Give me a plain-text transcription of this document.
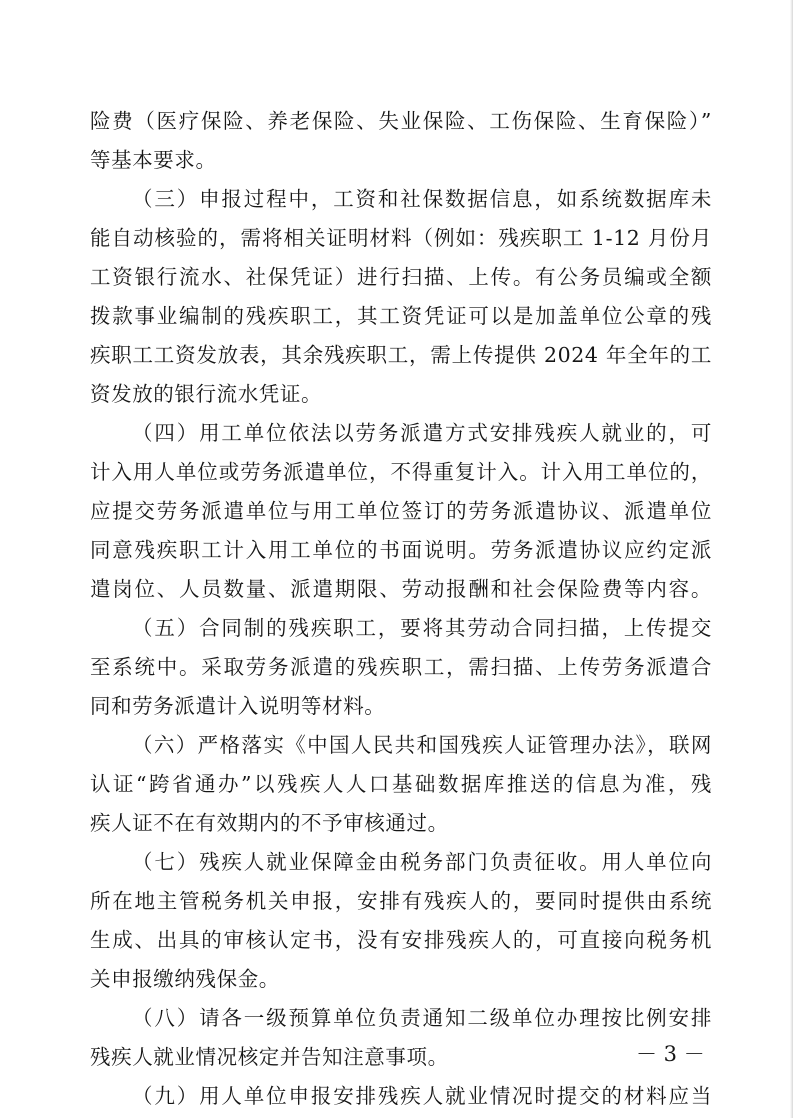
险费（医疗保险、养老保险、失业保险、工伤保险、生育保险）”
等基本要求。
（三）申报过程中，工资和社保数据信息，如系统数据库未
能自动核验的，需将相关证明材料（例如：残疾职工 1-12 月份月
工资银行流水、社保凭证）进行扫描、上传。有公务员编或全额
拨款事业编制的残疾职工，其工资凭证可以是加盖单位公章的残
疾职工工资发放表，其余残疾职工，需上传提供 2024 年全年的工
资发放的银行流水凭证。
（四）用工单位依法以劳务派遣方式安排残疾人就业的，可
计入用人单位或劳务派遣单位，不得重复计入。计入用工单位的，
应提交劳务派遣单位与用工单位签订的劳务派遣协议、派遣单位
同意残疾职工计入用工单位的书面说明。劳务派遣协议应约定派
遣岗位、人员数量、派遣期限、劳动报酬和社会保险费等内容。
（五）合同制的残疾职工，要将其劳动合同扫描，上传提交
至系统中。采取劳务派遣的残疾职工，需扫描、上传劳务派遣合
同和劳务派遣计入说明等材料。
（六）严格落实《中国人民共和国残疾人证管理办法》，联网
认证“跨省通办”以残疾人人口基础数据库推送的信息为准，残
疾人证不在有效期内的不予审核通过。
（七）残疾人就业保障金由税务部门负责征收。用人单位向
所在地主管税务机关申报，安排有残疾人的，要同时提供由系统
生成、出具的审核认定书，没有安排残疾人的，可直接向税务机
关申报缴纳残保金。
（八）请各一级预算单位负责通知二级单位办理按比例安排
残疾人就业情况核定并告知注意事项。
（九）用人单位申报安排残疾人就业情况时提交的材料应当
－ 3 －
